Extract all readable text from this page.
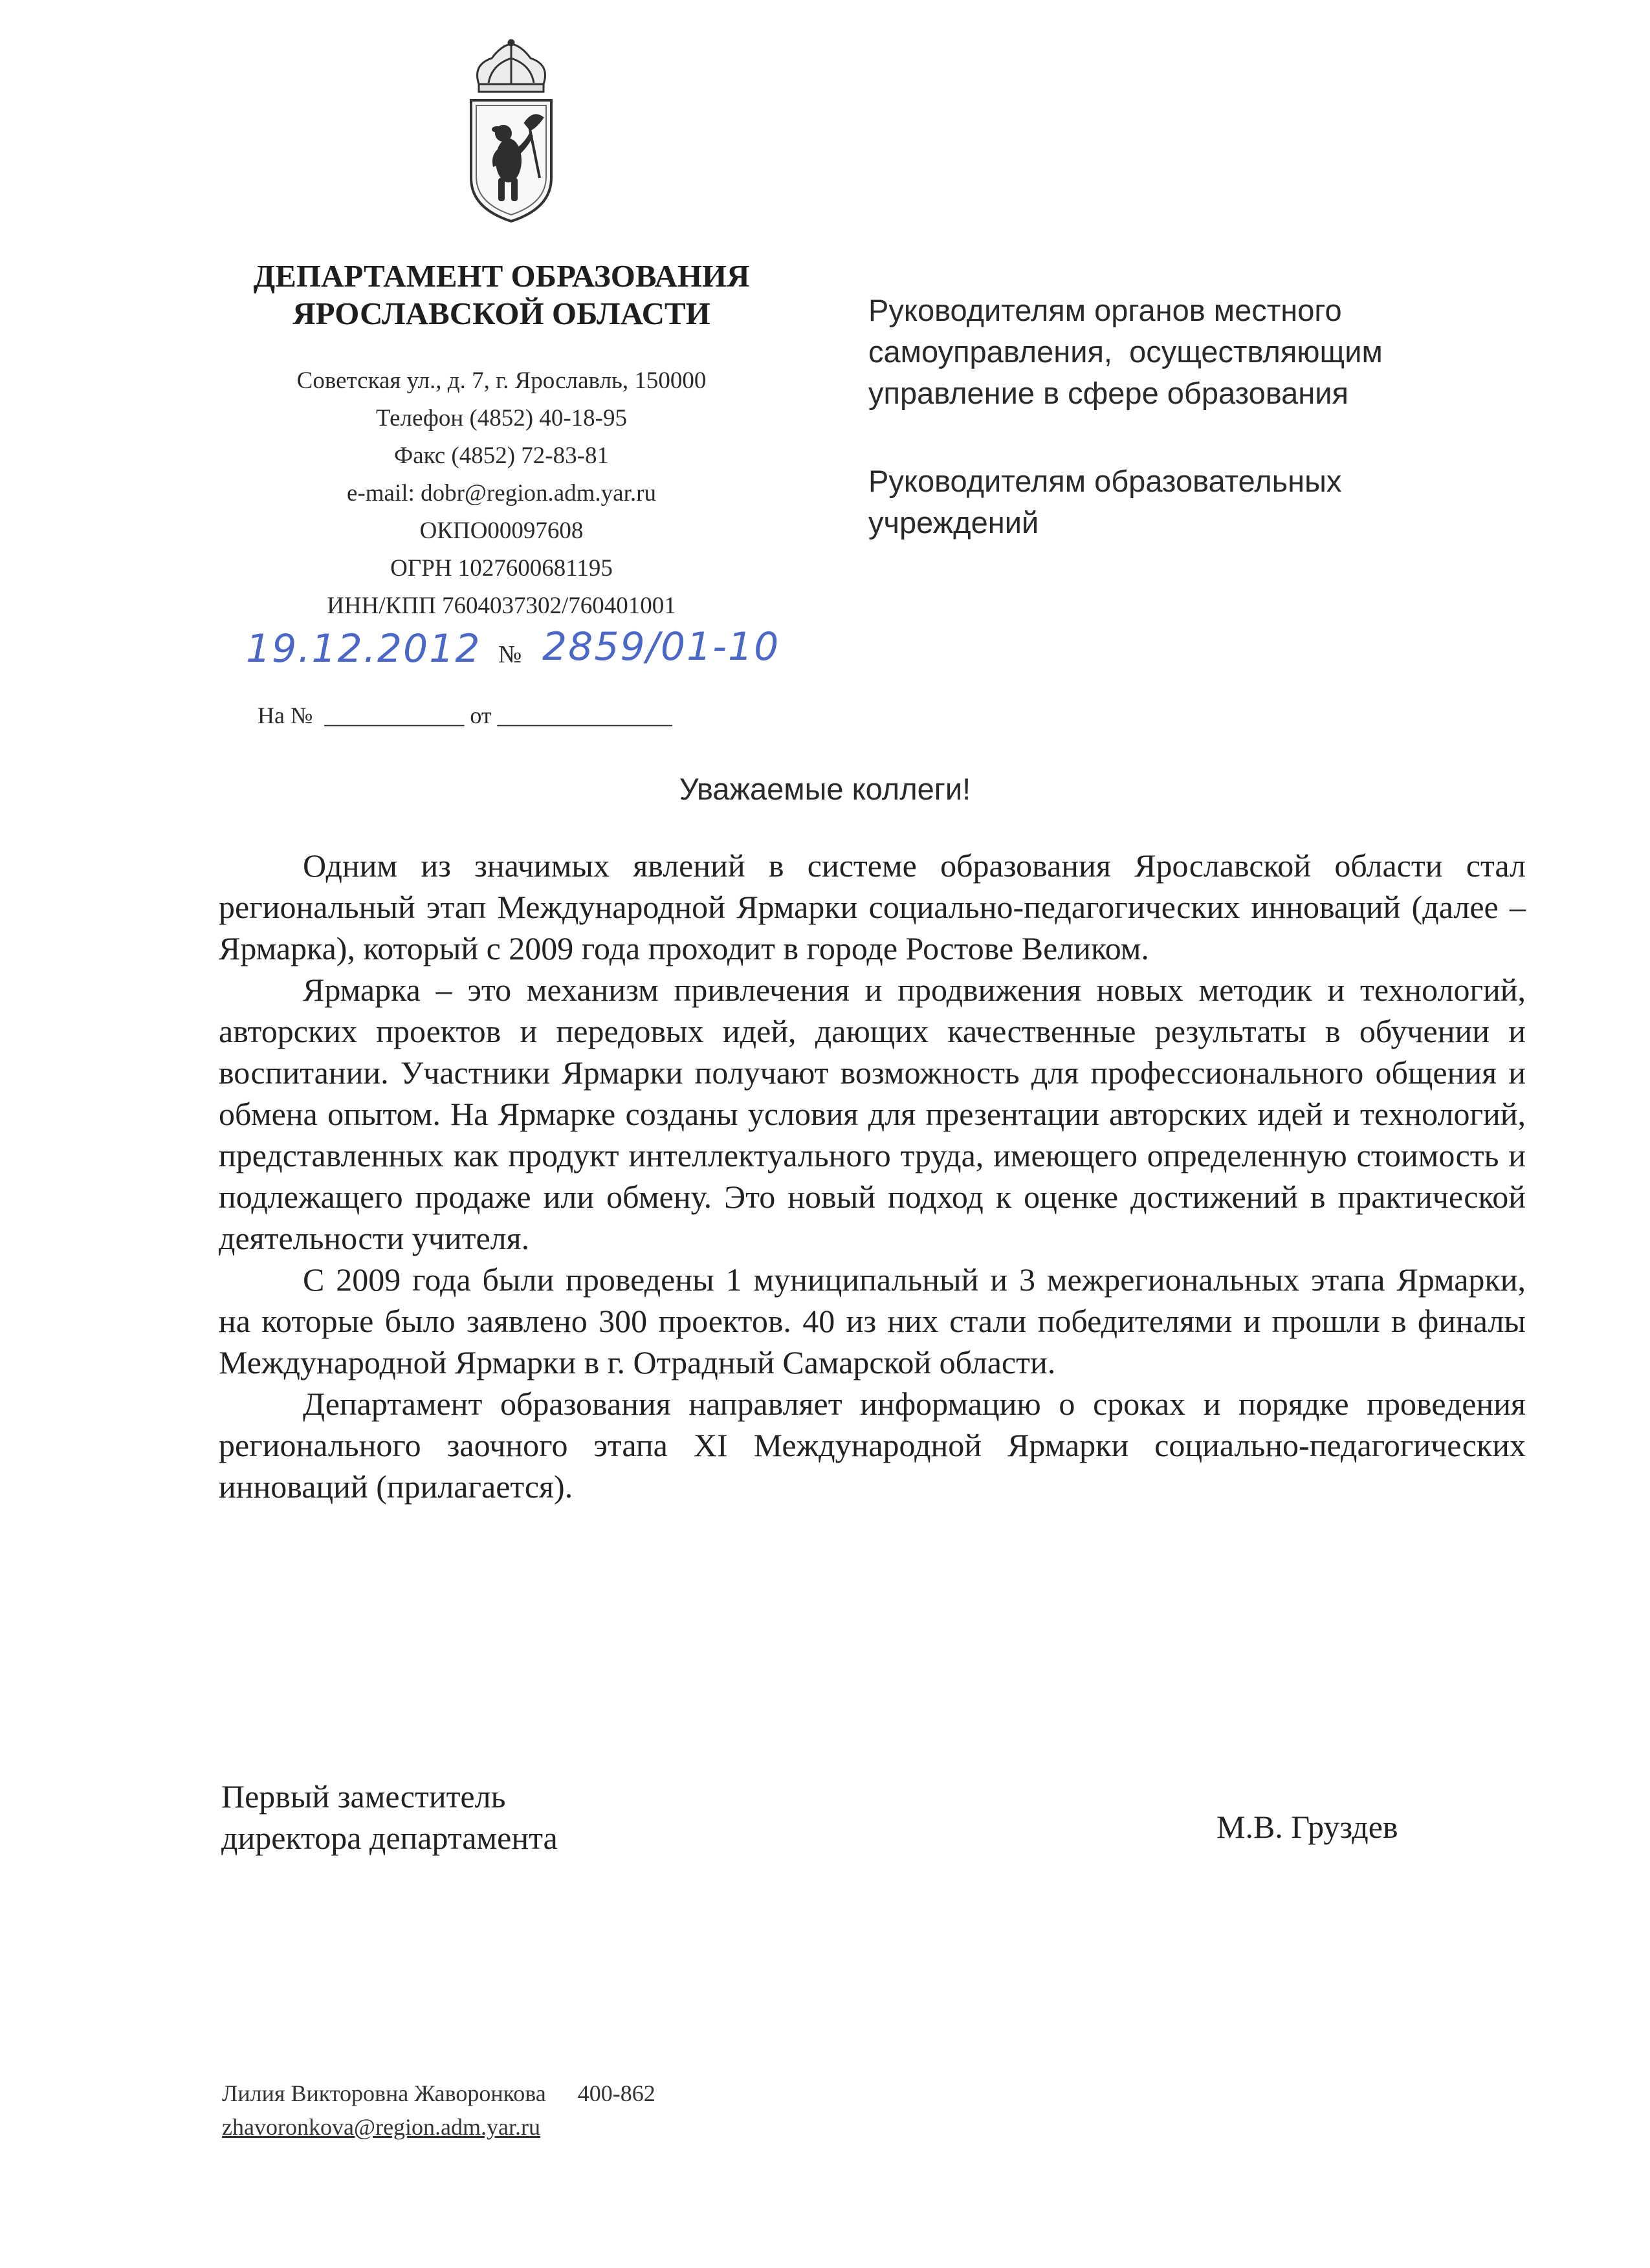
ДЕПАРТАМЕНТ ОБРАЗОВАНИЯ
ЯРОСЛАВСКОЙ ОБЛАСТИ
Советская ул., д. 7, г. Ярославль, 150000
Телефон (4852) 40-18-95
Факс (4852) 72-83-81
e-mail: dobr@region.adm.yar.ru
ОКПО00097608
ОГРН 1027600681195
ИНН/КПП 7604037302/760401001
Руководителям органов местного
самоуправления,  осуществляющим
управление в сфере образования
Руководителям образовательных
учреждений
19.12.2012 № 2859/01-10
На №  ____________ от _______________
Уважаемые коллеги!

Одним из значимых явлений в системе образования Ярославской области стал региональный этап Международной Ярмарки социально-педагогических инноваций (далее – Ярмарка), который с 2009 года проходит в городе Ростове Великом.

Ярмарка – это механизм привлечения и продвижения новых методик и технологий, авторских проектов и передовых идей, дающих качественные результаты в обучении и воспитании. Участники Ярмарки получают возможность для профессионального общения и обмена опытом. На Ярмарке созданы условия для презентации авторских идей и технологий, представленных как продукт интеллектуального труда, имеющего определенную стоимость и подлежащего продаже или обмену. Это новый подход к оценке достижений в практической деятельности учителя.

С 2009 года были проведены 1 муниципальный и 3 межрегиональных этапа Ярмарки, на которые было заявлено 300 проектов. 40 из них стали победителями и прошли в финалы Международной Ярмарки в г. Отрадный Самарской области.

Департамент образования направляет информацию о сроках и порядке проведения регионального заочного этапа XI Международной Ярмарки социально-педагогических инноваций (прилагается).

Первый заместитель
директора департамента	М.В. Груздев
Лилия Викторовна Жаворонкова 400-862
zhavoronkova@region.adm.yar.ru
